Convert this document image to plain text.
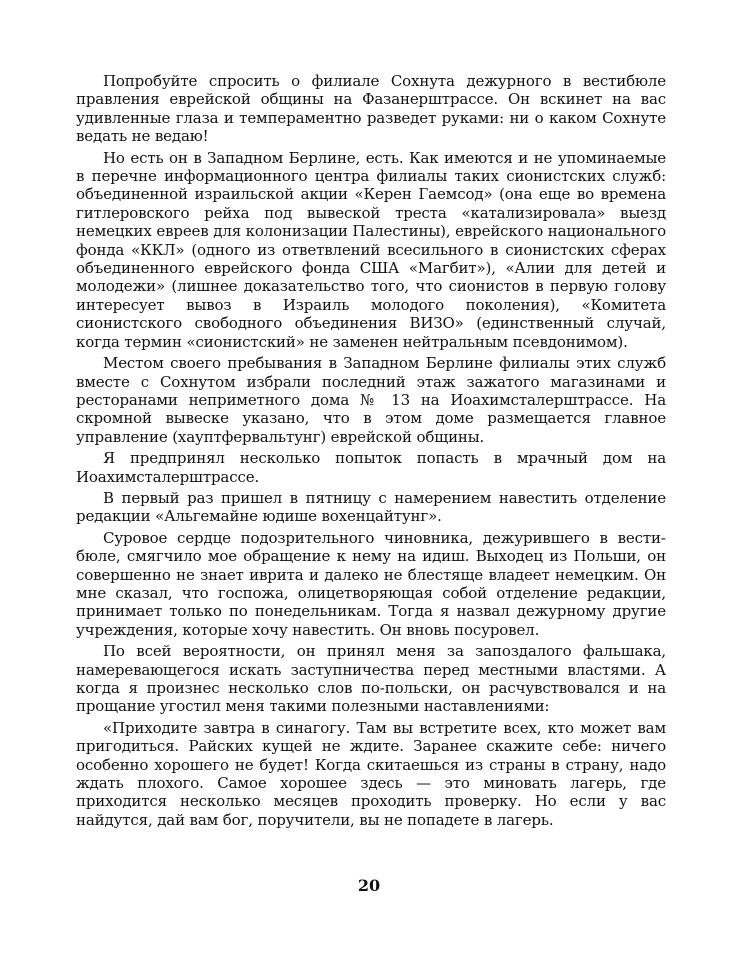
Попробуйте спросить о филиале Сохнута дежурного в вестибюле правления еврейской общины на Фазанерштрассе. Он вскинет на вас удивленные глаза и темпераментно разведет руками: ни о каком Сохнуте ведать не ведаю!

Но есть он в Западном Берлине, есть. Как имеются и не упоминаемые в перечне информационного центра филиалы таких сионистских служб: объединенной израильской акции «Керен Гаемсод» (она еще во времена гитлеровского рейха под вывеской треста «катализировала» выезд немецких евреев для колонизации Палестины), еврейского национального фонда «ККЛ» (одного из ответвлений всесильного в сионистских сферах объединенного еврейского фонда США «Магбит»), «Алии для детей и молодежи» (лишнее доказательство того, что сионистов в первую голову интересует вывоз в Израиль молодого поколения), «Комитета сионистского свободного объединения ВИЗО» (единственный случай, когда термин «сионистский» не заменен нейтральным псевдонимом).

Местом своего пребывания в Западном Берлине филиалы этих служб вместе с Сохнутом избрали последний этаж зажатого магазинами и ресторанами неприметного дома № 13 на Иоахимсталерштрассе. На скромной вывеске указано, что в этом доме размещается главное управление (хауптфервальтунг) еврейской общины.

Я предпринял несколько попыток попасть в мрачный дом на Иоахимсталерштрассе.

В первый раз пришел в пятницу с намерением навестить отделение редакции «Альгемайне юдише вохенцайтунг».

Суровое сердце подозрительного чиновника, дежурившего в вестибюле, смягчило мое обращение к нему на идиш. Выходец из Польши, он совершенно не знает иврита и далеко не блестяще владеет немецким. Он мне сказал, что госпожа, олицетворяющая собой отделение редакции, принимает только по понедельникам. Тогда я назвал дежурному другие учреждения, которые хочу навестить. Он вновь посуровел.

По всей вероятности, он принял меня за запоздалого фальшака, намеревающегося искать заступничества перед местными властями. А когда я произнес несколько слов по-польски, он расчувствовался и на прощание угостил меня такими полезными наставлениями:

«Приходите завтра в синагогу. Там вы встретите всех, кто может вам пригодиться. Райских кущей не ждите. Заранее скажите себе: ничего особенно хорошего не будет! Когда скитаешься из страны в страну, надо ждать плохого. Самое хорошее здесь — это миновать лагерь, где приходится несколько месяцев проходить проверку. Но если у вас найдутся, дай вам бог, поручители, вы не попадете в лагерь.

20
